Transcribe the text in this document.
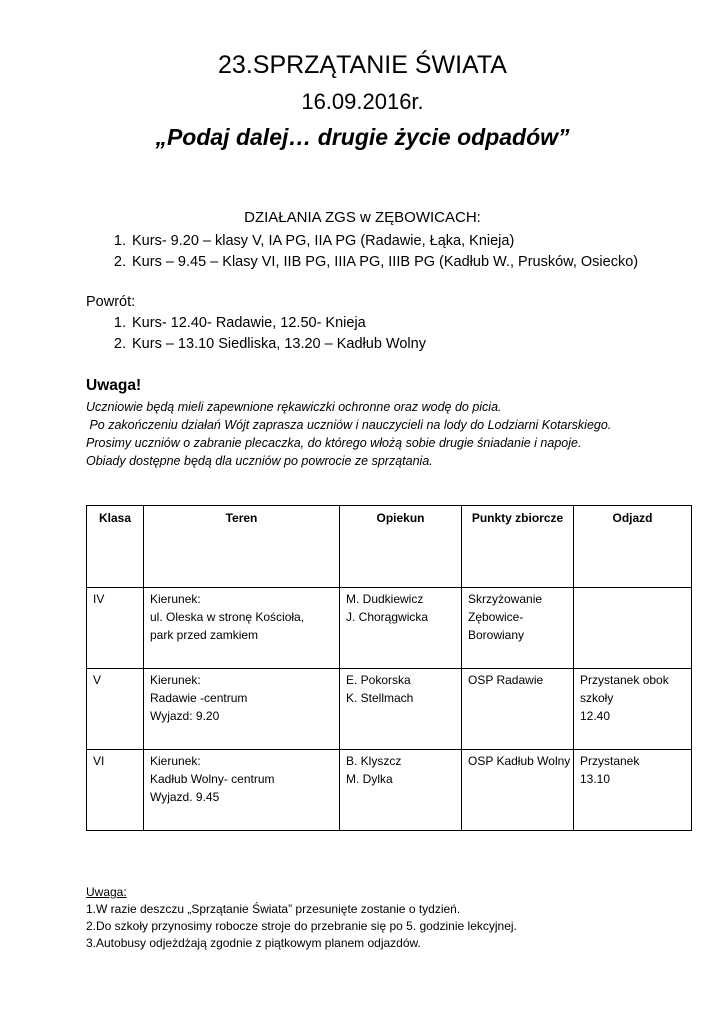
23.SPRZĄTANIE ŚWIATA
16.09.2016r.
„Podaj dalej… drugie życie odpadów”
DZIAŁANIA ZGS w ZĘBOWICACH:
1. Kurs- 9.20 – klasy V, IA PG, IIA PG (Radawie, Łąka, Knieja)
2. Kurs – 9.45 – Klasy VI, IIB PG, IIIA PG, IIIB PG (Kadłub W., Prusków, Osiecko)
Powrót:
1. Kurs- 12.40- Radawie, 12.50- Knieja
2. Kurs – 13.10 Siedliska, 13.20 – Kadłub Wolny
Uwaga!
Uczniowie będą mieli zapewnione rękawiczki ochronne oraz wodę do picia.
Po zakończeniu działań Wójt zaprasza uczniów i nauczycieli na lody do Lodziarni Kotarskiego.
Prosimy uczniów o zabranie plecaczka, do którego włożą sobie drugie śniadanie i napoje.
Obiady dostępne będą dla uczniów po powrocie ze sprzątania.
Klasa	Teren	Opiekun	Punkty zbiorcze	Odjazd
IV	Kierunek:
ul. Oleska w stronę Kościoła,
park przed zamkiem	M. Dudkiewicz
J. Chorągwicka	Skrzyżowanie
Zębowice-
Borowiany	

V	Kierunek:
Radawie -centrum
Wyjazd: 9.20	E. Pokorska
K. Stellmach	OSP Radawie	Przystanek obok
szkoły
12.40

VI	Kierunek:
Kadłub Wolny- centrum
Wyjazd. 9.45	B. Klyszcz
M. Dylka	OSP Kadłub Wolny	Przystanek
13.10
Uwaga:
1.W razie deszczu „Sprzątanie Świata” przesunięte zostanie o tydzień.
2.Do szkoły przynosimy robocze stroje do przebranie się po 5. godzinie lekcyjnej.
3.Autobusy odjeżdżają zgodnie z piątkowym planem odjazdów.
